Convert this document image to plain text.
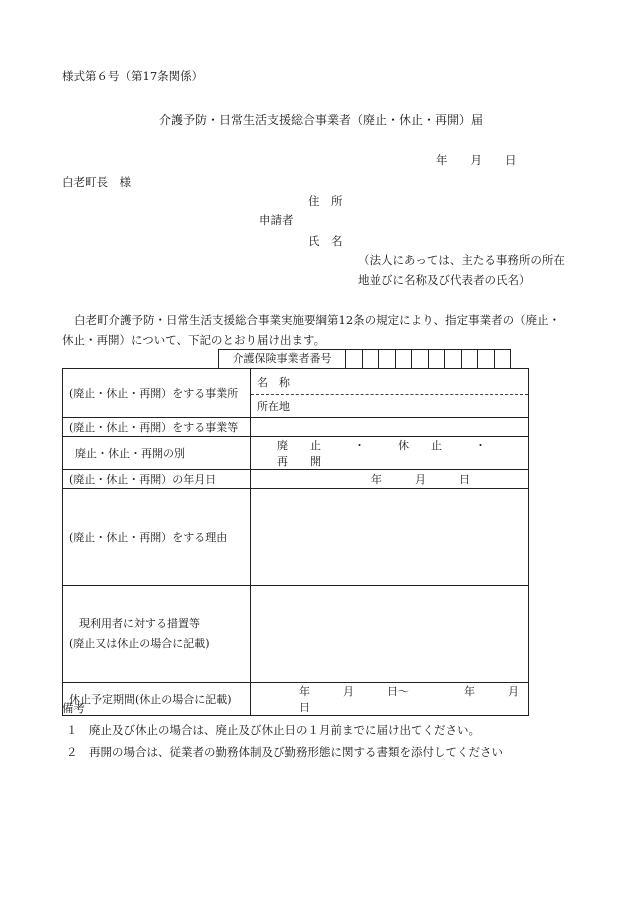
様式第６号（第17条関係）
介護予防・日常生活支援総合事業者（廃止・休止・再開）届
年　　月　　日
白老町長　様
住　所
申請者
氏　名
（法人にあっては、主たる事務所の所在
地並びに名称及び代表者の氏名）
白老町介護予防・日常生活支援総合事業実施要綱第12条の規定により、指定事業者の（廃止・
休止・再開）について、下記のとおり届け出ます。
介護保険事業者番号
(廃止・休止・再開）をする事業所	名　称
	所在地
(廃止・休止・再開）をする事業等	
廃止・休止・再開の別	廃　　止　　　・　　　休　　止　　　・　　　再　　開
(廃止・休止・再開）の年月日	年　　　月　　　日
(廃止・休止・再開）をする理由	

現利用者に対する措置等
(廃止又は休止の場合に記載)	

休止予定期間(休止の場合に記載)	年　　　月　　　日～　　　　　年　　　月　　　日
備考
１　廃止及び休止の場合は、廃止及び休止日の１月前までに届け出てください。
２　再開の場合は、従業者の勤務体制及び勤務形態に関する書類を添付してください
